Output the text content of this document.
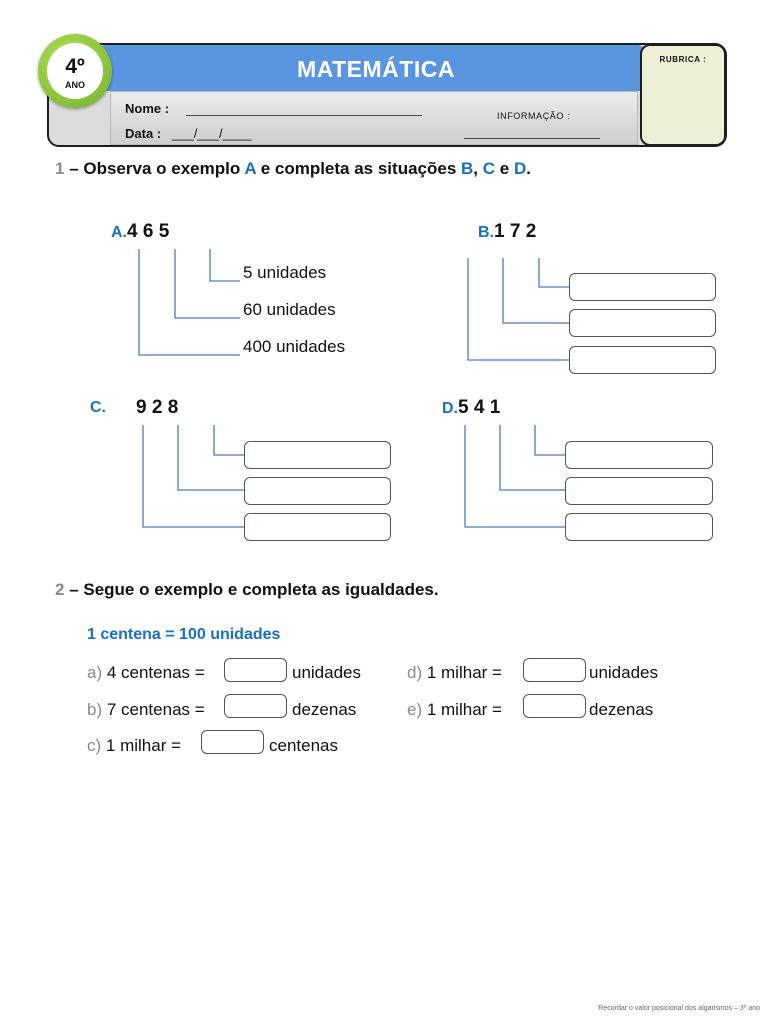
MATEMÁTICA	RUBRICA :
4º
ANO
Nome :
Data : ___/___/____
INFORMAÇÃO :
1 – Observa o exemplo A e completa as situações B, C e D.
A.4 6 5
5 unidades
60 unidades
400 unidades
B.1 7 2
C. 9 2 8	D.5 4 1
2 – Segue o exemplo e completa as igualdades.
1 centena = 100 unidades
a) 4 centenas =	unidades
b) 7 centenas =	dezenas
c) 1 milhar =	centenas
d) 1 milhar =	unidades
e) 1 milhar =	dezenas
Recordar o valor posicional dos algarismos – 3º ano
